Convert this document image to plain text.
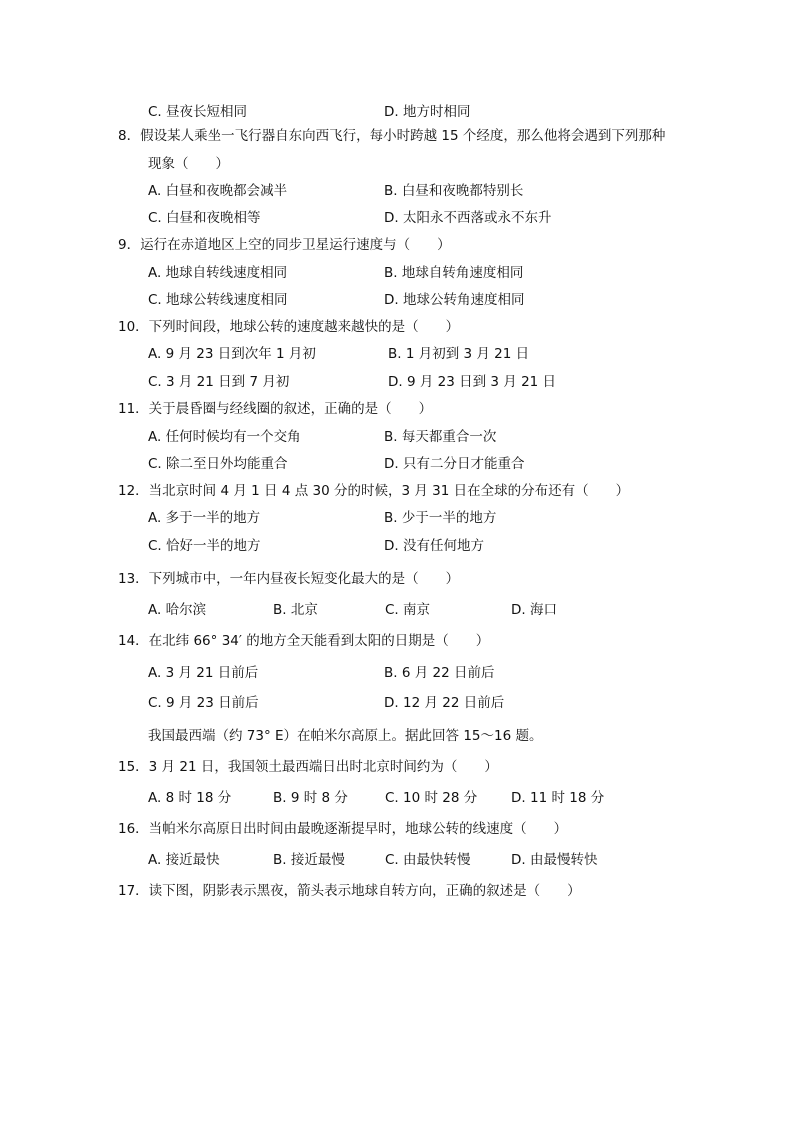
C. 昼夜长短相同	D. 地方时相同
8．假设某人乘坐一飞行器自东向西飞行，每小时跨越 15 个经度，那么他将会遇到下列那种
现象（　　）
A. 白昼和夜晚都会减半	B. 白昼和夜晚都特别长
C. 白昼和夜晚相等	D. 太阳永不西落或永不东升
9．运行在赤道地区上空的同步卫星运行速度与（　　）
A. 地球自转线速度相同	B. 地球自转角速度相同
C. 地球公转线速度相同	D. 地球公转角速度相同
10．下列时间段，地球公转的速度越来越快的是（　　）
A. 9 月 23 日到次年 1 月初	B. 1 月初到 3 月 21 日
C. 3 月 21 日到 7 月初	D. 9 月 23 日到 3 月 21 日
11．关于晨昏圈与经线圈的叙述，正确的是（　　）
A. 任何时候均有一个交角	B. 每天都重合一次
C. 除二至日外均能重合	D. 只有二分日才能重合
12．当北京时间 4 月 1 日 4 点 30 分的时候，3 月 31 日在全球的分布还有（　　）
A. 多于一半的地方	B. 少于一半的地方
C. 恰好一半的地方	D. 没有任何地方
13．下列城市中，一年内昼夜长短变化最大的是（　　）
A. 哈尔滨	B. 北京	C. 南京	D. 海口
14．在北纬 66° 34′ 的地方全天能看到太阳的日期是（　　）
A. 3 月 21 日前后	B. 6 月 22 日前后
C. 9 月 23 日前后	D. 12 月 22 日前后
我国最西端（约 73° E）在帕米尔高原上。据此回答 15～16 题。
15．3 月 21 日，我国领土最西端日出时北京时间约为（　　）
A. 8 时 18 分	B. 9 时 8 分	C. 10 时 28 分	D. 11 时 18 分
16．当帕米尔高原日出时间由最晚逐渐提早时，地球公转的线速度（　　）
A. 接近最快	B. 接近最慢	C. 由最快转慢	D. 由最慢转快
17．读下图，阴影表示黑夜，箭头表示地球自转方向，正确的叙述是（　　）
